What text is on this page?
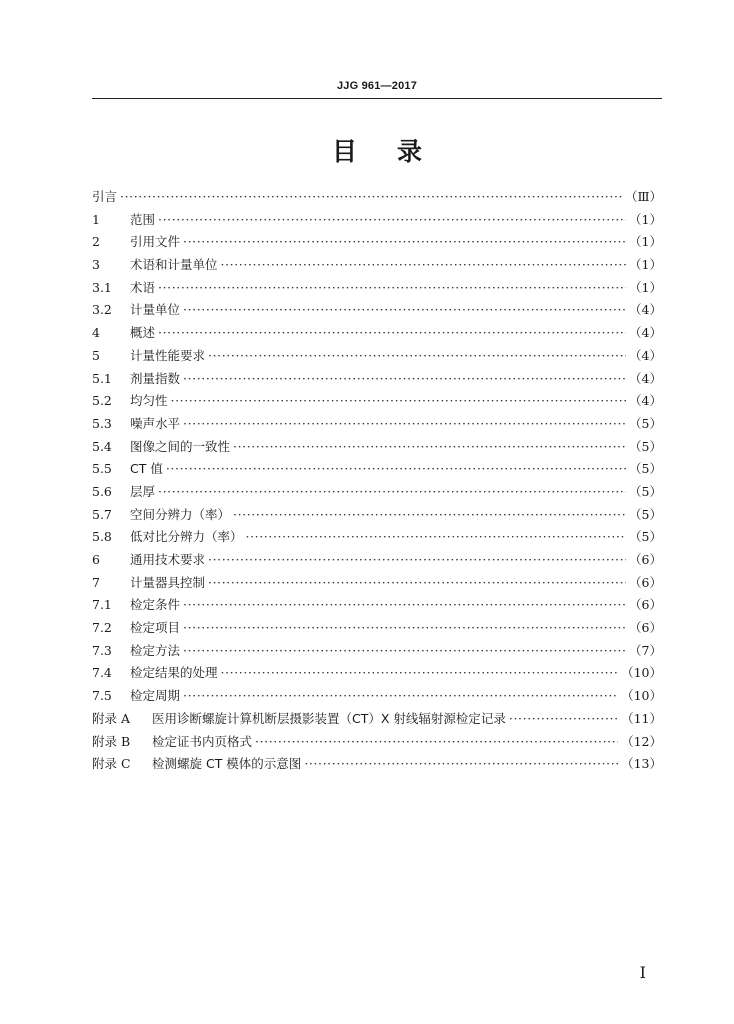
JJG 961—2017
目录
引言 ·····	（Ⅲ）
1	范围 ·····	（1）
2	引用文件 ·····	（1）
3	术语和计量单位 ·····	（1）
3.1	术语 ·····	（1）
3.2	计量单位 ·····	（4）
4	概述 ·····	（4）
5	计量性能要求 ·····	（4）
5.1	剂量指数 ·····	（4）
5.2	均匀性 ·····	（4）
5.3	噪声水平 ·····	（5）
5.4	图像之间的一致性 ·····	（5）
5.5	CT 值 ·····	（5）
5.6	层厚 ·····	（5）
5.7	空间分辨力（率） ·····	（5）
5.8	低对比分辨力（率） ·····	（5）
6	通用技术要求 ·····	（6）
7	计量器具控制 ·····	（6）
7.1	检定条件 ·····	（6）
7.2	检定项目 ·····	（6）
7.3	检定方法 ·····	（7）
7.4	检定结果的处理 ·····	（10）
7.5	检定周期 ·····	（10）
附录 A	医用诊断螺旋计算机断层摄影装置（CT）X 射线辐射源检定记录 ·····	（11）
附录 B	检定证书内页格式 ·····	（12）
附录 C	检测螺旋 CT 模体的示意图 ·····	（13）
I
